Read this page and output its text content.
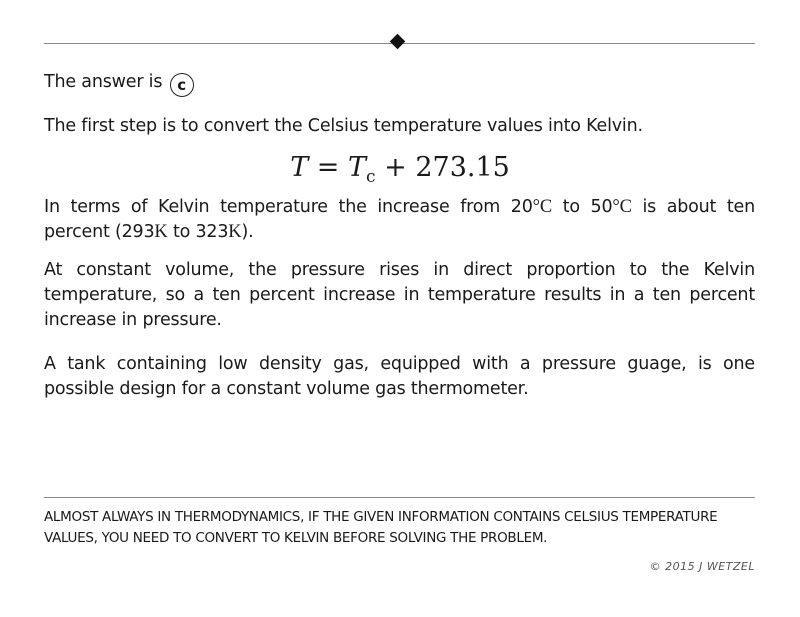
The answer is c
The first step is to convert the Celsius temperature values into Kelvin.
$T = T_c + 273.15$
In terms of Kelvin temperature the increase from 20°C to 50°C is about ten percent (293K to 323K).
At constant volume, the pressure rises in direct proportion to the Kelvin temperature, so a ten percent increase in temperature results in a ten percent increase in pressure.
A tank containing low density gas, equipped with a pressure guage, is one possible design for a constant volume gas thermometer.
ALMOST ALWAYS IN THERMODYNAMICS, IF THE GIVEN INFORMATION CONTAINS CELSIUS TEMPERATURE VALUES, YOU NEED TO CONVERT TO KELVIN BEFORE SOLVING THE PROBLEM.
© 2015 J WETZEL
